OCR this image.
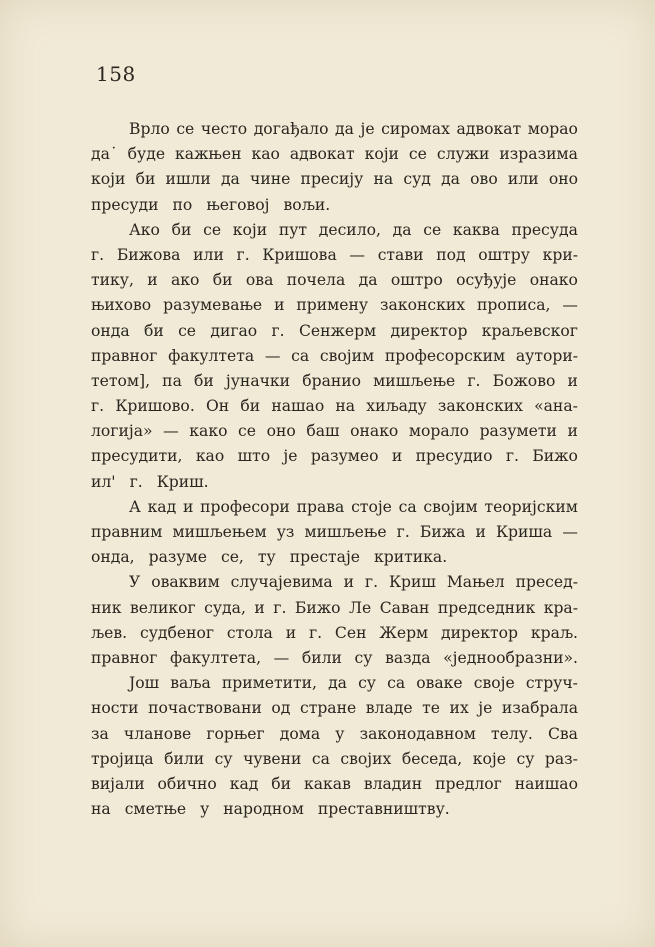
158
Врло се често догађало да је сиромах адвокат морао
да˙ буде кажњен као адвокат који се служи изразима
који би ишли да чине пресију на суд да ово или оно
пресуди по његовој вољи.
Ако би се који пут десило, да се каква пресуда
г. Бижова или г. Кришова — стави под оштру кри-
тику, и ако би ова почела да оштро осуђује онако
њихово разумевање и примену законских прописа, —
онда би се дигао г. Сенжерм директор краљевског
правног факултета — са својим професорским аутори-
тетом], па би јуначки бранио мишљење г. Божово и
г. Кришово. Он би нашао на хиљаду законских «ана-
логија» — како се оно баш онако морало разумети и
пресудити, као што је разумео и пресудио г. Бижо
ил' г. Криш.
А кад и професори права стоје са својим теоријским
правним мишљењем уз мишљење г. Бижа и Криша —
онда, разуме се, ту престаје критика.
У оваквим случајевима и г. Криш Мањел пресед-
ник великог суда, и г. Бижо Ле Саван председник кра-
љев. судбеног стола и г. Сен Жерм директор краљ.
правног факултета, — били су вазда «једнообразни».
Још ваља приметити, да су са оваке своје струч-
ности почаствовани од стране владе те их је изабрала
за чланове горњег дома у законодавном телу. Сва
тројица били су чувени са својих беседа, које су раз-
вијали обично кад би какав владин предлог наишао
на сметње у народном преставништву.
